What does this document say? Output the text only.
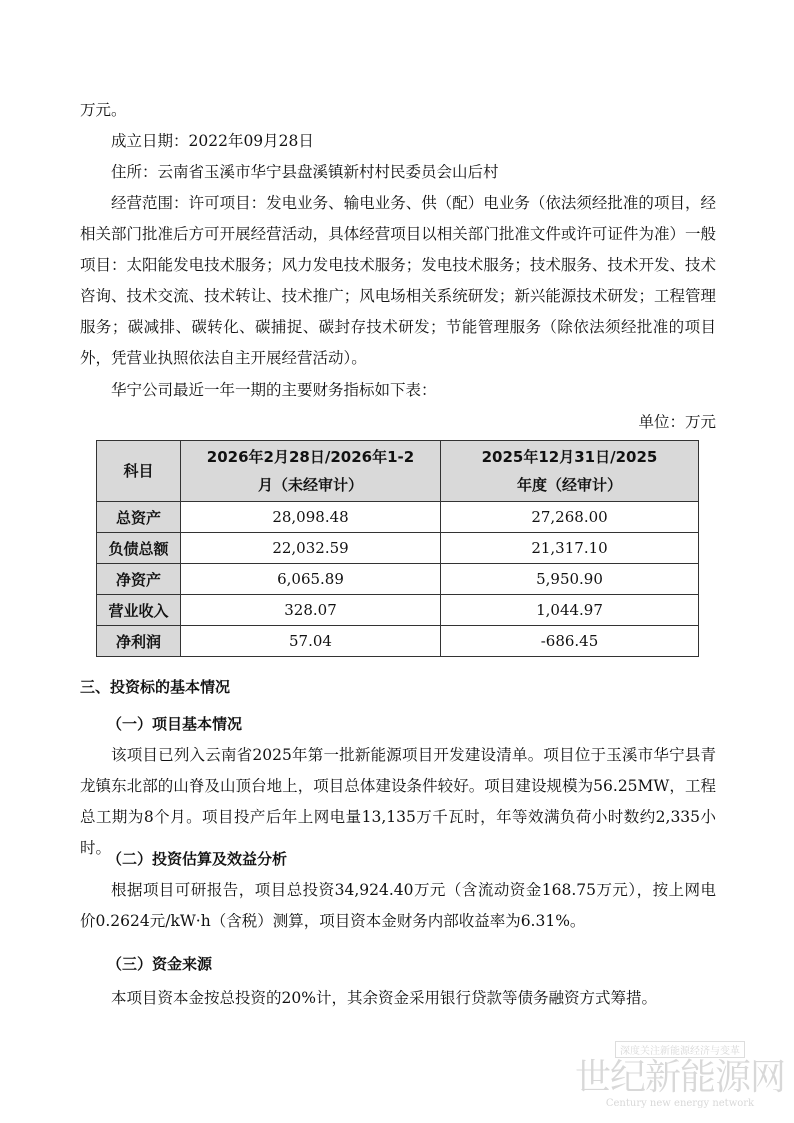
万元。
成立日期：2022年09月28日
住所：云南省玉溪市华宁县盘溪镇新村村民委员会山后村
经营范围：许可项目：发电业务、输电业务、供（配）电业务（依法须经批准的项目，经相关部门批准后方可开展经营活动，具体经营项目以相关部门批准文件或许可证件为准）一般项目：太阳能发电技术服务；风力发电技术服务；发电技术服务；技术服务、技术开发、技术咨询、技术交流、技术转让、技术推广；风电场相关系统研发；新兴能源技术研发；工程管理服务；碳减排、碳转化、碳捕捉、碳封存技术研发；节能管理服务（除依法须经批准的项目外，凭营业执照依法自主开展经营活动）。
华宁公司最近一年一期的主要财务指标如下表：
单位：万元
科目	2026年2月28日/2026年1-2月（未经审计）	2025年12月31日/2025年度（经审计）
总资产	28,098.48	27,268.00
负债总额	22,032.59	21,317.10
净资产	6,065.89	5,950.90
营业收入	328.07	1,044.97
净利润	57.04	-686.45
三、投资标的基本情况
（一）项目基本情况
该项目已列入云南省2025年第一批新能源项目开发建设清单。项目位于玉溪市华宁县青龙镇东北部的山脊及山顶台地上，项目总体建设条件较好。项目建设规模为56.25MW，工程总工期为8个月。项目投产后年上网电量13,135万千瓦时，年等效满负荷小时数约2,335小时。
（二）投资估算及效益分析
根据项目可研报告，项目总投资34,924.40万元（含流动资金168.75万元），按上网电价0.2624元/kW·h（含税）测算，项目资本金财务内部收益率为6.31%。
（三）资金来源
本项目资本金按总投资的20%计，其余资金采用银行贷款等债务融资方式筹措。
深度关注新能源经济与变革
世纪新能源网
Century new energy network
